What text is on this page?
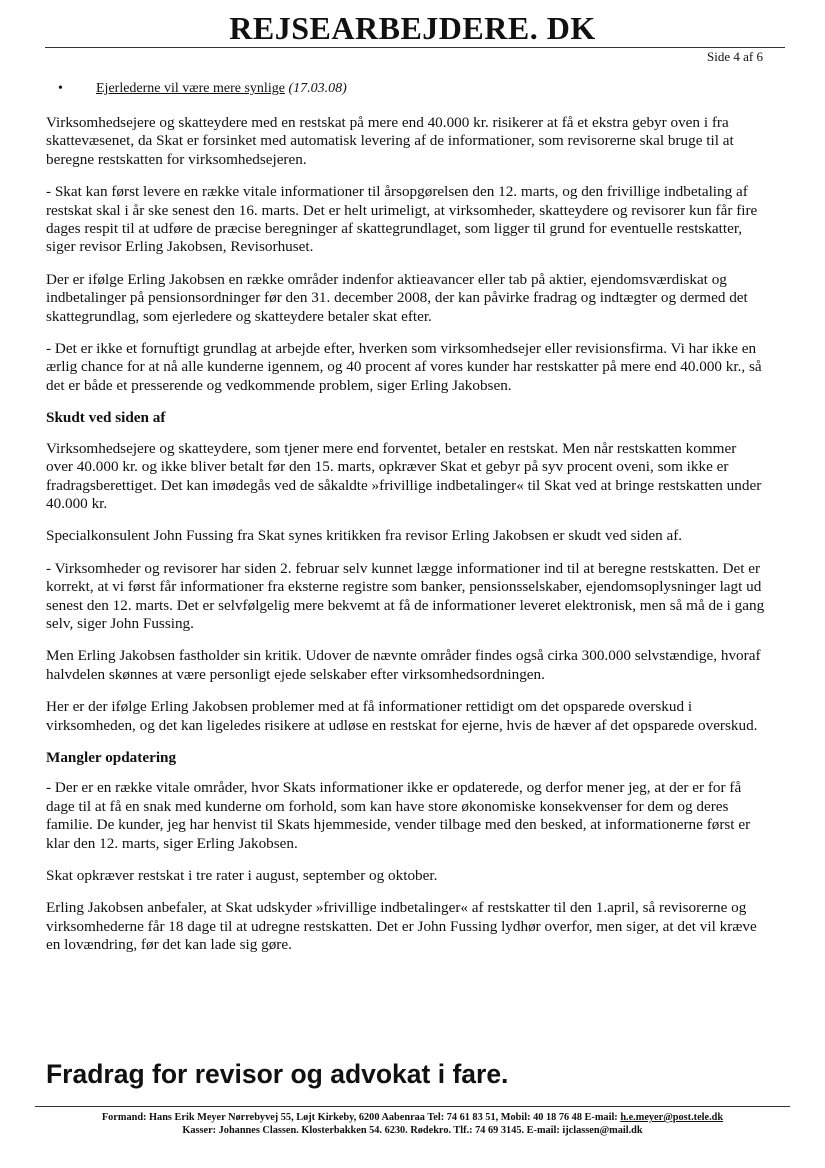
REJSEARBEJDERE. DK
Side 4 af 6
• Ejerlederne vil være mere synlige (17.03.08)

Virksomhedsejere og skatteydere med en restskat på mere end 40.000 kr. risikerer at få et ekstra gebyr oven i fra skattevæsenet, da Skat er forsinket med automatisk levering af de informationer, som revisorerne skal bruge til at beregne restskatten for virksomhedsejeren.

- Skat kan først levere en række vitale informationer til årsopgørelsen den 12. marts, og den frivillige indbetaling af restskat skal i år ske senest den 16. marts. Det er helt urimeligt, at virksomheder, skatteydere og revisorer kun får fire dages respit til at udføre de præcise beregninger af skattegrundlaget, som ligger til grund for eventuelle restskatter, siger revisor Erling Jakobsen, Revisorhuset.

Der er ifølge Erling Jakobsen en række områder indenfor aktieavancer eller tab på aktier, ejendomsværdiskat og indbetalinger på pensionsordninger før den 31. december 2008, der kan påvirke fradrag og indtægter og dermed det skattegrundlag, som ejerledere og skatteydere betaler skat efter.

- Det er ikke et fornuftigt grundlag at arbejde efter, hverken som virksomhedsejer eller revisionsfirma. Vi har ikke en ærlig chance for at nå alle kunderne igennem, og 40 procent af vores kunder har restskatter på mere end 40.000 kr., så det er både et presserende og vedkommende problem, siger Erling Jakobsen.

Skudt ved siden af

Virksomhedsejere og skatteydere, som tjener mere end forventet, betaler en restskat. Men når restskatten kommer over 40.000 kr. og ikke bliver betalt før den 15. marts, opkræver Skat et gebyr på syv procent oveni, som ikke er fradragsberettiget. Det kan imødegås ved de såkaldte »frivillige indbetalinger« til Skat ved at bringe restskatten under 40.000 kr.

Specialkonsulent John Fussing fra Skat synes kritikken fra revisor Erling Jakobsen er skudt ved siden af.

- Virksomheder og revisorer har siden 2. februar selv kunnet lægge informationer ind til at beregne restskatten. Det er korrekt, at vi først får informationer fra eksterne registre som banker, pensionsselskaber, ejendomsoplysninger lagt ud senest den 12. marts. Det er selvfølgelig mere bekvemt at få de informationer leveret elektronisk, men så må de i gang selv, siger John Fussing.

Men Erling Jakobsen fastholder sin kritik. Udover de nævnte områder findes også cirka 300.000 selvstændige, hvoraf halvdelen skønnes at være personligt ejede selskaber efter virksomhedsordningen.

Her er der ifølge Erling Jakobsen problemer med at få informationer rettidigt om det opsparede overskud i virksomheden, og det kan ligeledes risikere at udløse en restskat for ejerne, hvis de hæver af det opsparede overskud.

Mangler opdatering

- Der er en række vitale områder, hvor Skats informationer ikke er opdaterede, og derfor mener jeg, at der er for få dage til at få en snak med kunderne om forhold, som kan have store økonomiske konsekvenser for dem og deres familie. De kunder, jeg har henvist til Skats hjemmeside, vender tilbage med den besked, at informationerne først er klar den 12. marts, siger Erling Jakobsen.

Skat opkræver restskat i tre rater i august, september og oktober.

Erling Jakobsen anbefaler, at Skat udskyder »frivillige indbetalinger« af restskatter til den 1.april, så revisorerne og virksomhederne får 18 dage til at udregne restskatten. Det er John Fussing lydhør overfor, men siger, at det vil kræve en lovændring, før det kan lade sig gøre.

Fradrag for revisor og advokat i fare.
Formand: Hans Erik Meyer Nørrebyvej 55, Løjt Kirkeby, 6200 Aabenraa Tel: 74 61 83 51, Mobil: 40 18 76 48 E-mail: h.e.meyer@post.tele.dk
Kasser: Johannes Classen. Klosterbakken 54. 6230. Rødekro. Tlf.: 74 69 3145. E-mail: ijclassen@mail.dk
